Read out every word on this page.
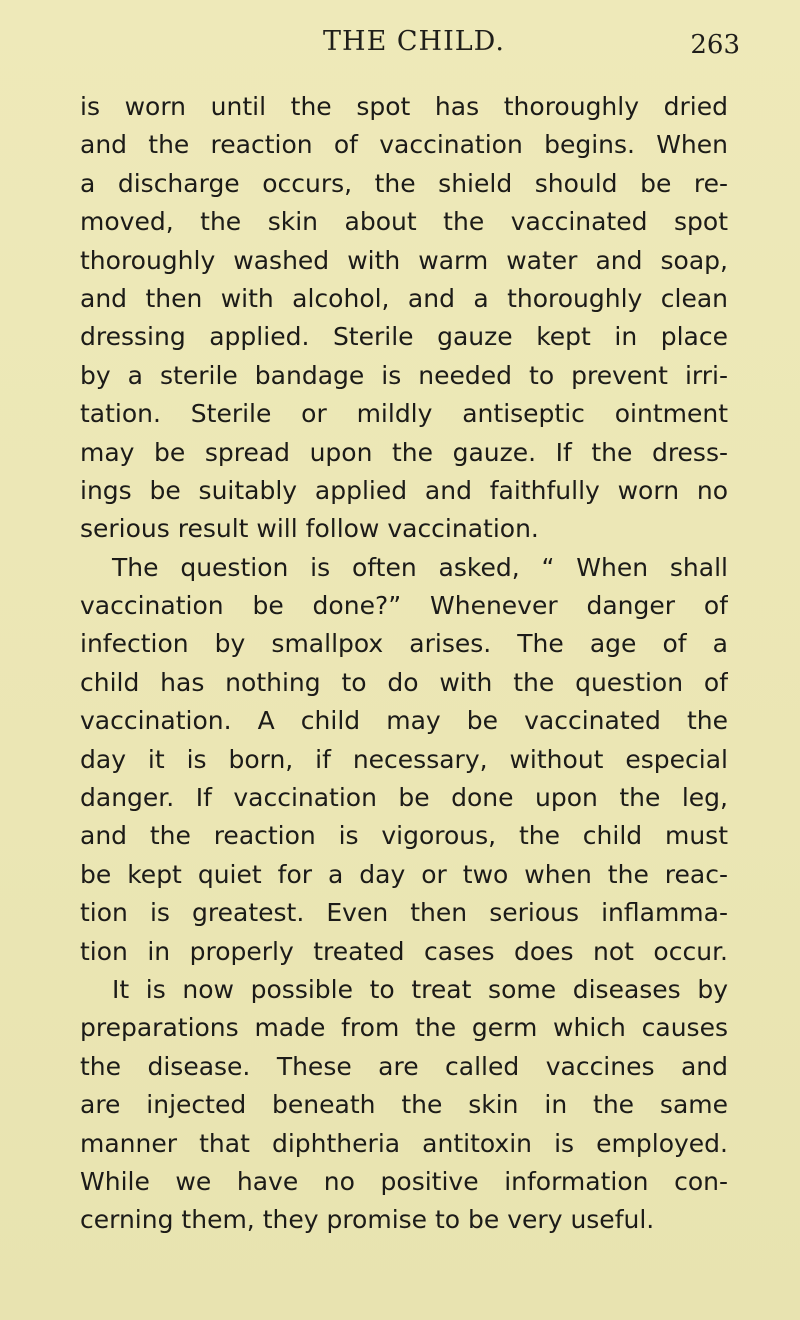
THE CHILD.	263
is worn until the spot has thoroughly dried
and the reaction of vaccination begins. When
a discharge occurs, the shield should be re-
moved, the skin about the vaccinated spot
thoroughly washed with warm water and soap,
and then with alcohol, and a thoroughly clean
dressing applied. Sterile gauze kept in place
by a sterile bandage is needed to prevent irri-
tation. Sterile or mildly antiseptic ointment
may be spread upon the gauze. If the dress-
ings be suitably applied and faithfully worn no
serious result will follow vaccination.
The question is often asked, “ When shall
vaccination be done?” Whenever danger of
infection by smallpox arises. The age of a
child has nothing to do with the question of
vaccination. A child may be vaccinated the
day it is born, if necessary, without especial
danger. If vaccination be done upon the leg,
and the reaction is vigorous, the child must
be kept quiet for a day or two when the reac-
tion is greatest. Even then serious inflamma-
tion in properly treated cases does not occur.
It is now possible to treat some diseases by
preparations made from the germ which causes
the disease. These are called vaccines and
are injected beneath the skin in the same
manner that diphtheria antitoxin is employed.
While we have no positive information con-
cerning them, they promise to be very useful.
